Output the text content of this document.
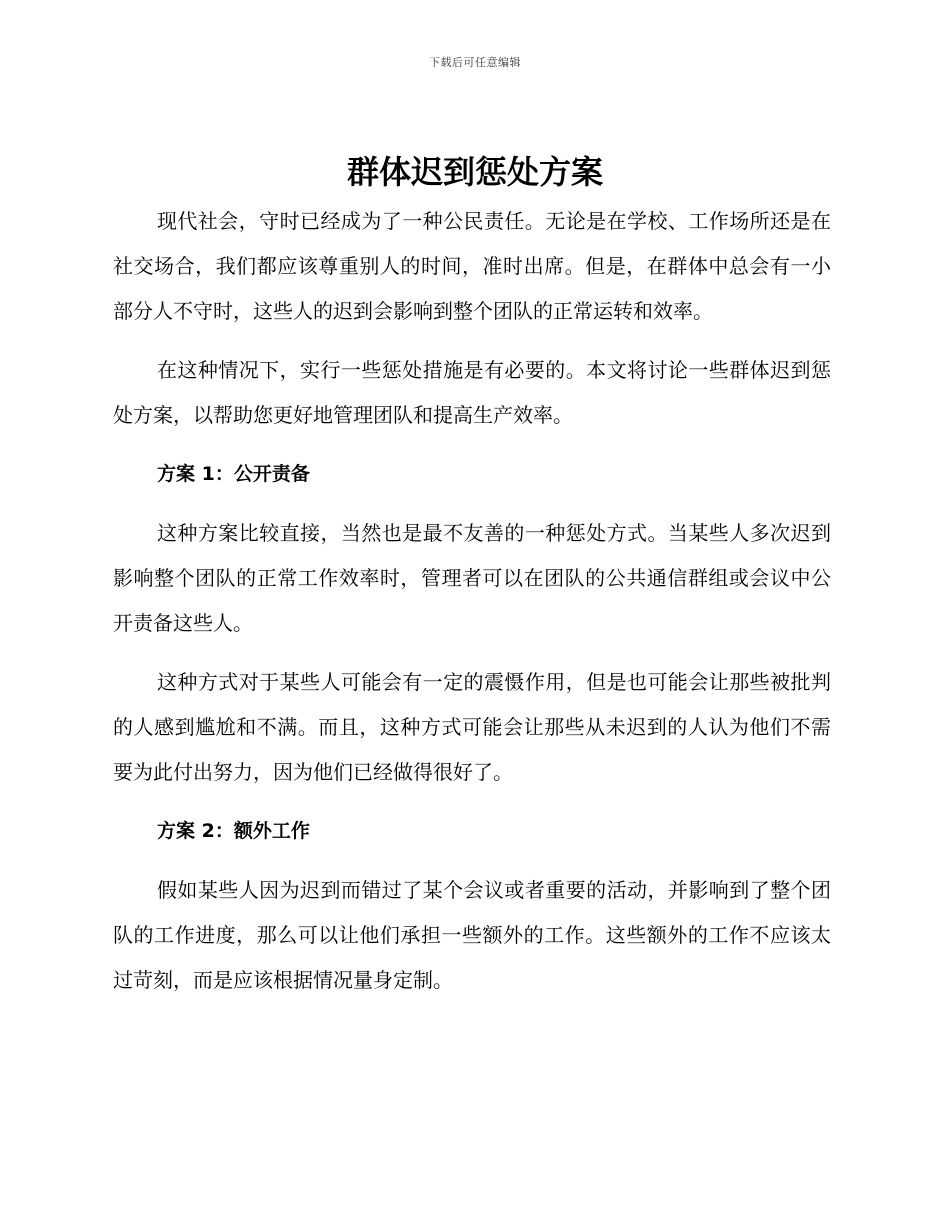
下载后可任意编辑
群体迟到惩处方案

现代社会，守时已经成为了一种公民责任。无论是在学校、工作场所还是在社交场合，我们都应该尊重别人的时间，准时出席。但是，在群体中总会有一小部分人不守时，这些人的迟到会影响到整个团队的正常运转和效率。

在这种情况下，实行一些惩处措施是有必要的。本文将讨论一些群体迟到惩处方案，以帮助您更好地管理团队和提高生产效率。

方案 1：公开责备

这种方案比较直接，当然也是最不友善的一种惩处方式。当某些人多次迟到影响整个团队的正常工作效率时，管理者可以在团队的公共通信群组或会议中公开责备这些人。

这种方式对于某些人可能会有一定的震慑作用，但是也可能会让那些被批判的人感到尴尬和不满。而且，这种方式可能会让那些从未迟到的人认为他们不需要为此付出努力，因为他们已经做得很好了。

方案 2：额外工作

假如某些人因为迟到而错过了某个会议或者重要的活动，并影响到了整个团队的工作进度，那么可以让他们承担一些额外的工作。这些额外的工作不应该太过苛刻，而是应该根据情况量身定制。
